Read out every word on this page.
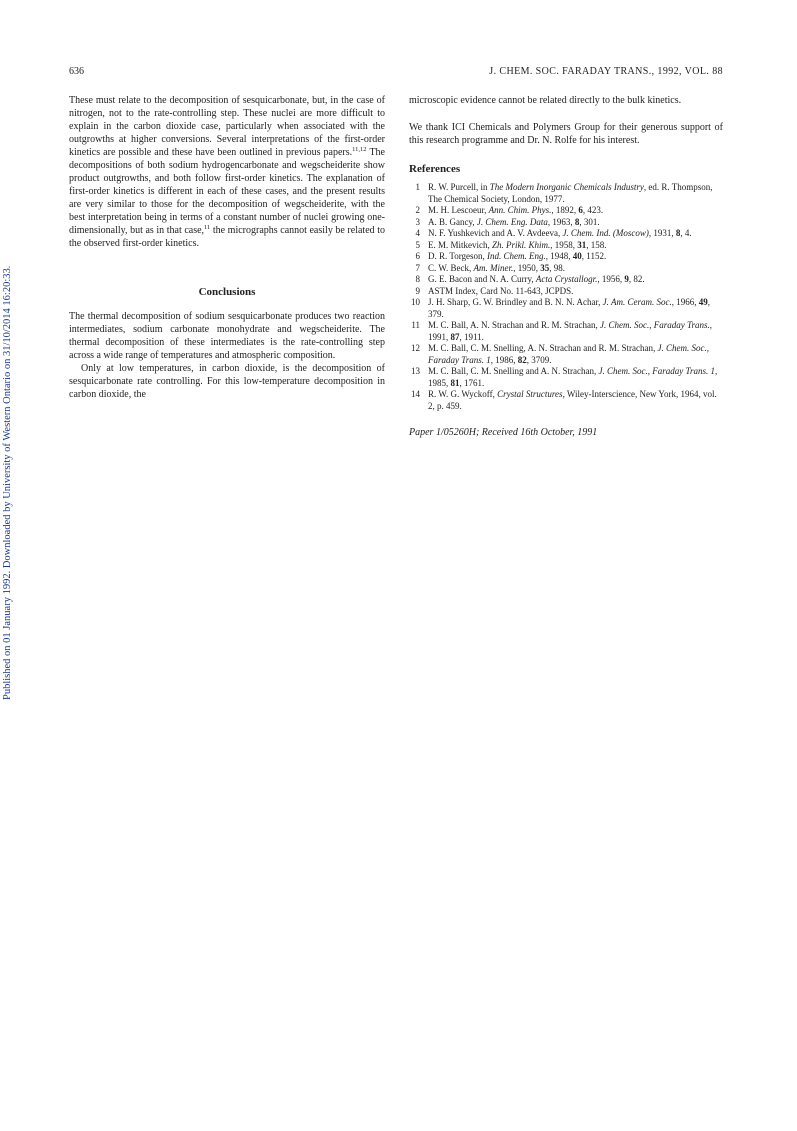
Published on 01 January 1992. Downloaded by University of Western Ontario on 31/10/2014 16:20:33.
636	J. CHEM. SOC. FARADAY TRANS., 1992, VOL. 88

These must relate to the decomposition of sesquicarbonate, but, in the case of nitrogen, not to the rate-controlling step. These nuclei are more difficult to explain in the carbon dioxide case, particularly when associated with the outgrowths at higher conversions. Several interpretations of the first-order kinetics are possible and these have been outlined in previous papers.$^{11,12}$ The decompositions of both sodium hydrogencarbonate and wegscheiderite show product outgrowths, and both follow first-order kinetics. The explanation of first-order kinetics is different in each of these cases, and the present results are very similar to those for the decomposition of wegscheiderite, with the best interpretation being in terms of a constant number of nuclei growing one-dimensionally, but as in that case,$^{11}$ the micrographs cannot easily be related to the observed first-order kinetics.

Conclusions

The thermal decomposition of sodium sesquicarbonate produces two reaction intermediates, sodium carbonate monohydrate and wegscheiderite. The thermal decomposition of these intermediates is the rate-controlling step across a wide range of temperatures and atmospheric composition.

Only at low temperatures, in carbon dioxide, is the decomposition of sesquicarbonate rate controlling. For this low-temperature decomposition in carbon dioxide, the

microscopic evidence cannot be related directly to the bulk kinetics.

We thank ICI Chemicals and Polymers Group for their generous support of this research programme and Dr. N. Rolfe for his interest.

References
1 R. W. Purcell, in The Modern Inorganic Chemicals Industry, ed. R. Thompson, The Chemical Society, London, 1977.
2 M. H. Lescoeur, Ann. Chim. Phys., 1892, 6, 423.
3 A. B. Gancy, J. Chem. Eng. Data, 1963, 8, 301.
4 N. F. Yushkevich and A. V. Avdeeva, J. Chem. Ind. (Moscow), 1931, 8, 4.
5 E. M. Mitkevich, Zh. Prikl. Khim., 1958, 31, 158.
6 D. R. Torgeson, Ind. Chem. Eng., 1948, 40, 1152.
7 C. W. Beck, Am. Miner., 1950, 35, 98.
8 G. E. Bacon and N. A. Curry, Acta Crystallogr., 1956, 9, 82.
9 ASTM Index, Card No. 11-643, JCPDS.
10 J. H. Sharp, G. W. Brindley and B. N. N. Achar, J. Am. Ceram. Soc., 1966, 49, 379.
11 M. C. Ball, A. N. Strachan and R. M. Strachan, J. Chem. Soc., Faraday Trans., 1991, 87, 1911.
12 M. C. Ball, C. M. Snelling, A. N. Strachan and R. M. Strachan, J. Chem. Soc., Faraday Trans. 1, 1986, 82, 3709.
13 M. C. Ball, C. M. Snelling and A. N. Strachan, J. Chem. Soc., Faraday Trans. 1, 1985, 81, 1761.
14 R. W. G. Wyckoff, Crystal Structures, Wiley-Interscience, New York, 1964, vol. 2, p. 459.

Paper 1/05260H; Received 16th October, 1991
